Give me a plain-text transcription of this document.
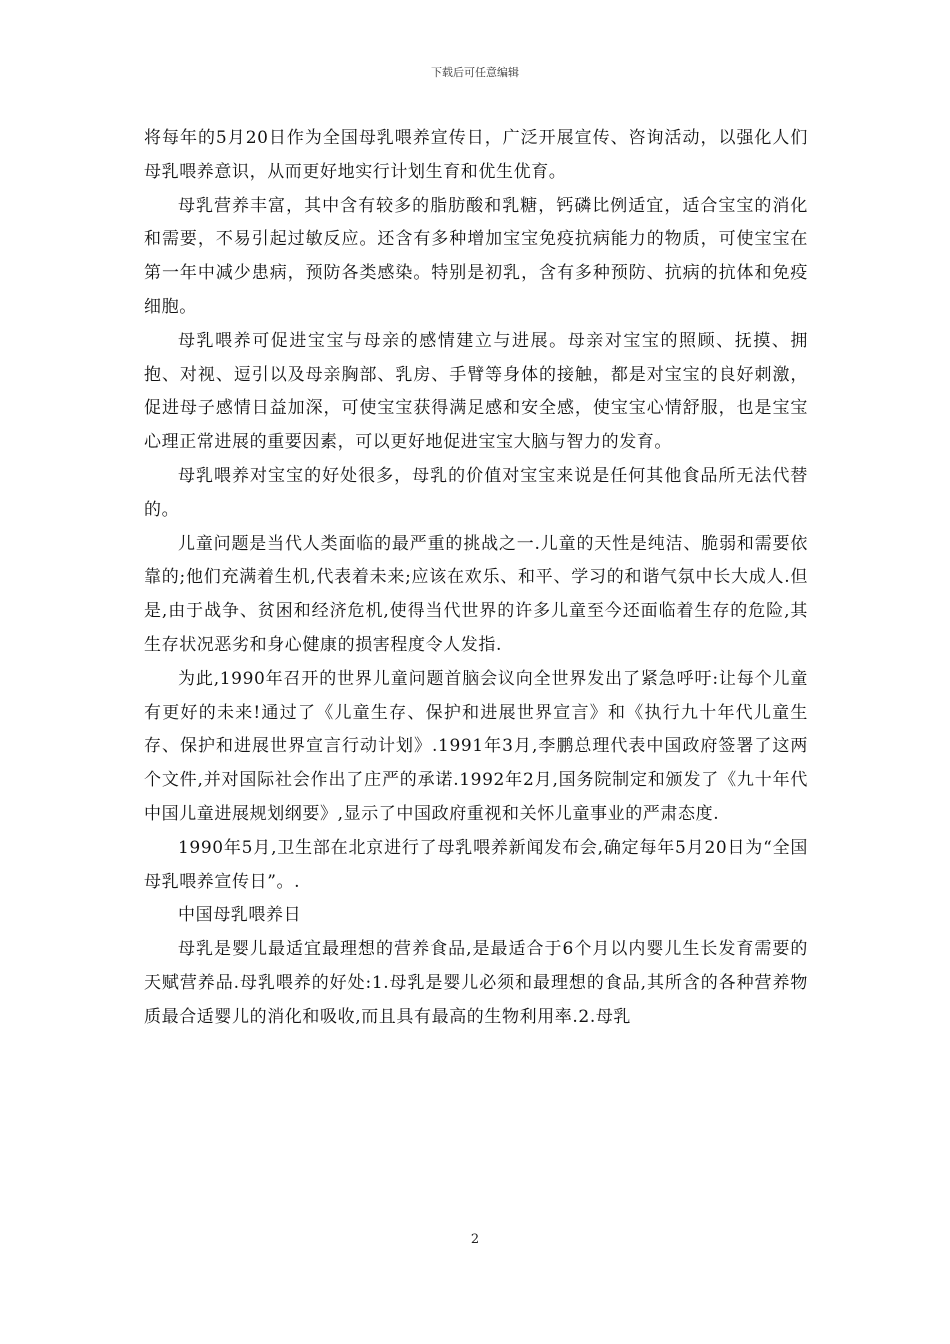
下载后可任意编辑

将每年的5月20日作为全国母乳喂养宣传日，广泛开展宣传、咨询活动，以强化人们母乳喂养意识，从而更好地实行计划生育和优生优育。

母乳营养丰富，其中含有较多的脂肪酸和乳糖，钙磷比例适宜，适合宝宝的消化和需要，不易引起过敏反应。还含有多种增加宝宝免疫抗病能力的物质，可使宝宝在第一年中减少患病，预防各类感染。特别是初乳，含有多种预防、抗病的抗体和免疫细胞。

母乳喂养可促进宝宝与母亲的感情建立与进展。母亲对宝宝的照顾、抚摸、拥抱、对视、逗引以及母亲胸部、乳房、手臂等身体的接触，都是对宝宝的良好刺激，促进母子感情日益加深，可使宝宝获得满足感和安全感，使宝宝心情舒服，也是宝宝心理正常进展的重要因素，可以更好地促进宝宝大脑与智力的发育。

母乳喂养对宝宝的好处很多，母乳的价值对宝宝来说是任何其他食品所无法代替的。

儿童问题是当代人类面临的最严重的挑战之一.儿童的天性是纯洁、脆弱和需要依靠的;他们充满着生机,代表着未来;应该在欢乐、和平、学习的和谐气氛中长大成人.但是,由于战争、贫困和经济危机,使得当代世界的许多儿童至今还面临着生存的危险,其生存状况恶劣和身心健康的损害程度令人发指.

为此,1990年召开的世界儿童问题首脑会议向全世界发出了紧急呼吁:让每个儿童有更好的未来!通过了《儿童生存、保护和进展世界宣言》和《执行九十年代儿童生存、保护和进展世界宣言行动计划》.1991年3月,李鹏总理代表中国政府签署了这两个文件,并对国际社会作出了庄严的承诺.1992年2月,国务院制定和颁发了《九十年代中国儿童进展规划纲要》,显示了中国政府重视和关怀儿童事业的严肃态度.

1990年5月,卫生部在北京进行了母乳喂养新闻发布会,确定每年5月20日为“全国母乳喂养宣传日”。.

中国母乳喂养日

母乳是婴儿最适宜最理想的营养食品,是最适合于6个月以内婴儿生长发育需要的天赋营养品.母乳喂养的好处:1.母乳是婴儿必须和最理想的食品,其所含的各种营养物质最合适婴儿的消化和吸收,而且具有最高的生物利用率.2.母乳

2
